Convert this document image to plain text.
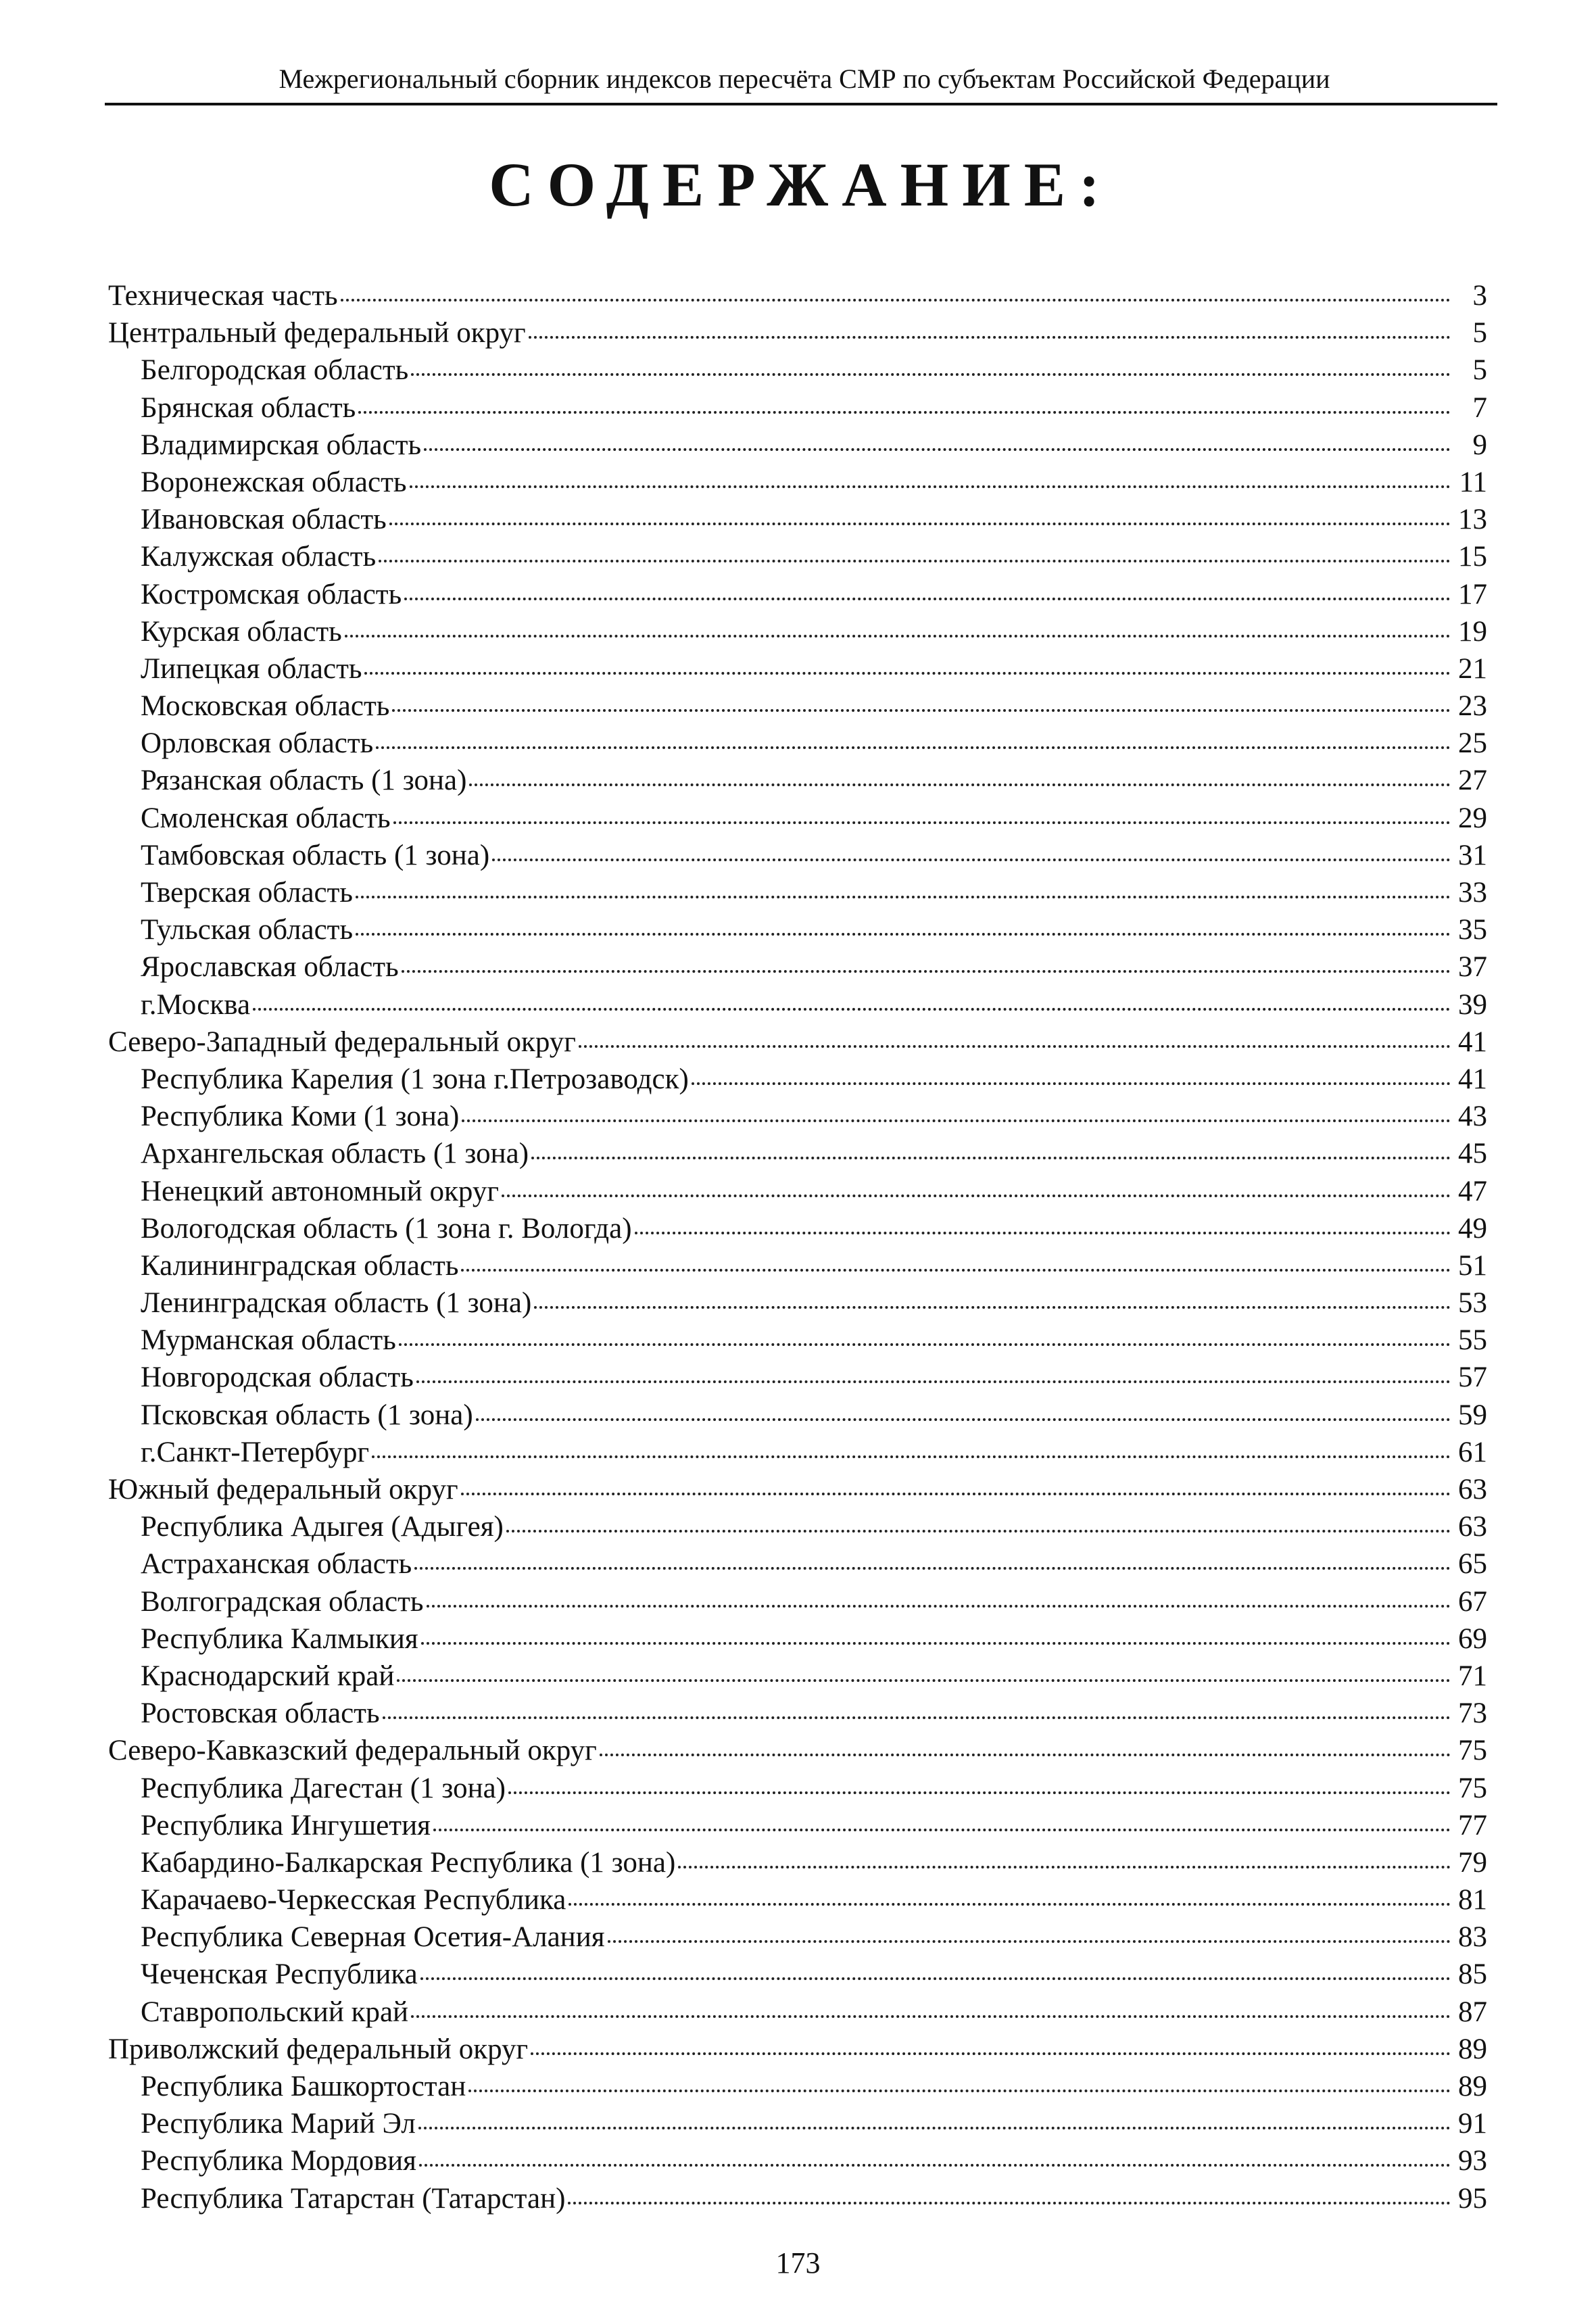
Межрегиональный сборник индексов пересчёта СМР по субъектам Российской Федерации
СОДЕРЖАНИЕ:
Техническая часть	3
Центральный федеральный округ	5
Белгородская область	5
Брянская область	7
Владимирская область	9
Воронежская область	11
Ивановская область	13
Калужская область	15
Костромская область	17
Курская область	19
Липецкая область	21
Московская область	23
Орловская область	25
Рязанская область (1 зона)	27
Смоленская область	29
Тамбовская область (1 зона)	31
Тверская область	33
Тульская область	35
Ярославская область	37
г.Москва	39
Северо-Западный федеральный округ	41
Республика Карелия (1 зона г.Петрозаводск)	41
Республика Коми (1 зона)	43
Архангельская область (1 зона)	45
Ненецкий автономный округ	47
Вологодская область (1 зона г. Вологда)	49
Калининградская область	51
Ленинградская область (1 зона)	53
Мурманская область	55
Новгородская область	57
Псковская область (1 зона)	59
г.Санкт-Петербург	61
Южный федеральный округ	63
Республика Адыгея (Адыгея)	63
Астраханская область	65
Волгоградская область	67
Республика Калмыкия	69
Краснодарский край	71
Ростовская область	73
Северо-Кавказский федеральный округ	75
Республика Дагестан (1 зона)	75
Республика Ингушетия	77
Кабардино-Балкарская Республика (1 зона)	79
Карачаево-Черкесская Республика	81
Республика Северная Осетия-Алания	83
Чеченская Республика	85
Ставропольский край	87
Приволжский федеральный округ	89
Республика Башкортостан	89
Республика Марий Эл	91
Республика Мордовия	93
Республика Татарстан (Татарстан)	95
173
